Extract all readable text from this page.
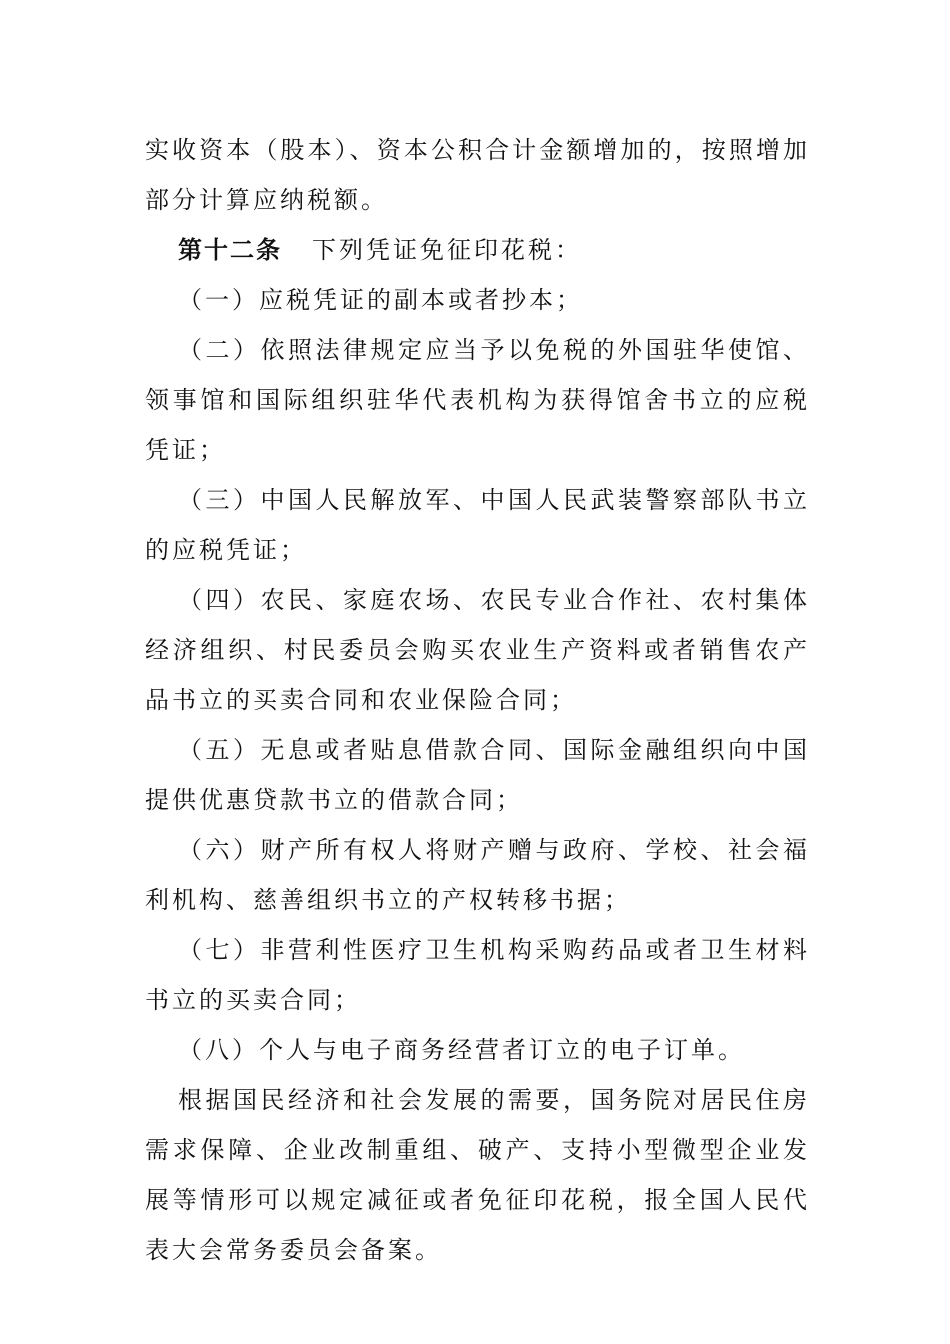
实收资本（股本）、资本公积合计金额增加的，按照增加部分计算应纳税额。

第十二条 下列凭证免征印花税：

（一）应税凭证的副本或者抄本；

（二）依照法律规定应当予以免税的外国驻华使馆、领事馆和国际组织驻华代表机构为获得馆舍书立的应税凭证；

（三）中国人民解放军、中国人民武装警察部队书立的应税凭证；

（四）农民、家庭农场、农民专业合作社、农村集体经济组织、村民委员会购买农业生产资料或者销售农产品书立的买卖合同和农业保险合同；

（五）无息或者贴息借款合同、国际金融组织向中国提供优惠贷款书立的借款合同；

（六）财产所有权人将财产赠与政府、学校、社会福利机构、慈善组织书立的产权转移书据；

（七）非营利性医疗卫生机构采购药品或者卫生材料书立的买卖合同；

（八）个人与电子商务经营者订立的电子订单。

根据国民经济和社会发展的需要，国务院对居民住房需求保障、企业改制重组、破产、支持小型微型企业发展等情形可以规定减征或者免征印花税，报全国人民代表大会常务委员会备案。
